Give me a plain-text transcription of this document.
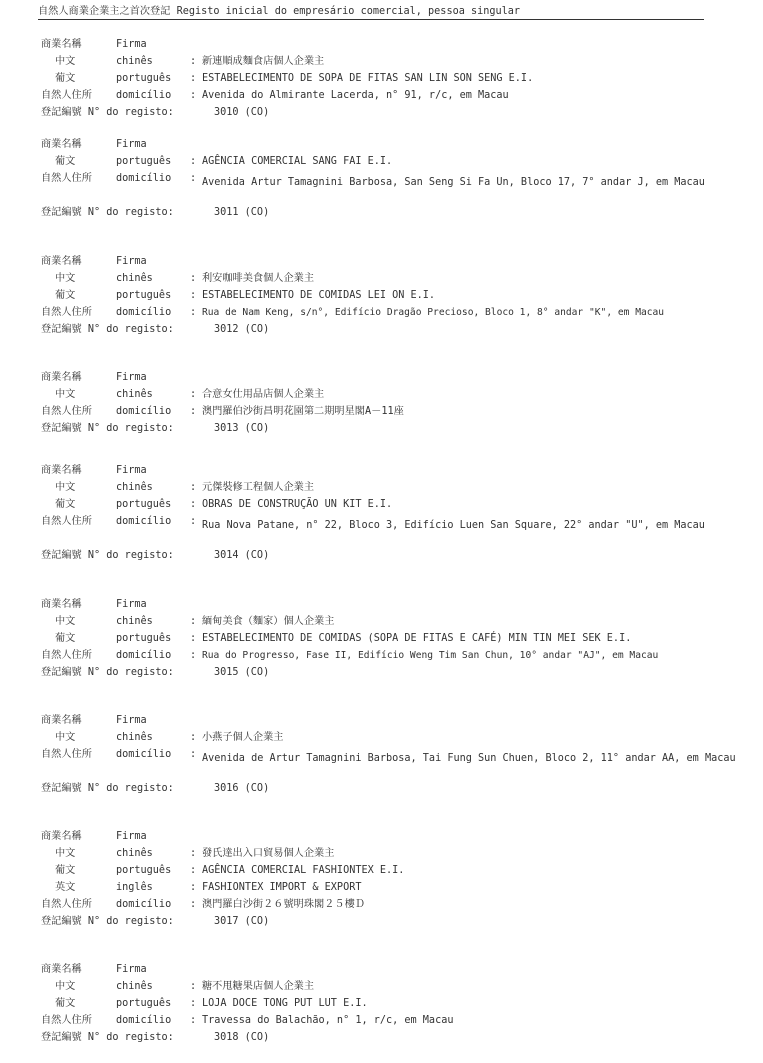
自然人商業企業主之首次登記 Registo inicial do empresário comercial, pessoa singular
商業名稱	Firma
中文	chinês	: 新連順成麵食店個人企業主
葡文	português : ESTABELECIMENTO DE SOPA DE FITAS SAN LIN SON SENG E.I.
自然人住所 domicílio : Avenida do Almirante Lacerda, n° 91, r/c, em Macau
登記編號 N° do registo:	3010 (CO)
商業名稱	Firma
葡文	português : AGÊNCIA COMERCIAL SANG FAI E.I.
自然人住所 domicílio : Avenida Artur Tamagnini Barbosa, San Seng Si Fa Un, Bloco 17, 7° andar J, em Macau
登記編號 N° do registo:	3011 (CO)
商業名稱	Firma
中文	chinês	: 利安咖啡美食個人企業主
葡文	português : ESTABELECIMENTO DE COMIDAS LEI ON E.I.
自然人住所 domicílio : Rua de Nam Keng, s/n°, Edifício Dragão Precioso, Bloco 1, 8° andar "K", em Macau
登記編號 N° do registo:	3012 (CO)
商業名稱	Firma
中文	chinês	: 合意女仕用品店個人企業主
自然人住所 domicílio : 澳門羅伯沙街昌明花園第二期明星閣A－11座
登記編號 N° do registo:	3013 (CO)
商業名稱	Firma
中文	chinês	: 元傑裝修工程個人企業主
葡文	português : OBRAS DE CONSTRUÇÃO UN KIT E.I.
自然人住所 domicílio : Rua Nova Patane, n° 22, Bloco 3, Edifício Luen San Square, 22° andar "U", em Macau
登記編號 N° do registo:	3014 (CO)
商業名稱	Firma
中文	chinês	: 緬甸美食（麵家）個人企業主
葡文	português : ESTABELECIMENTO DE COMIDAS (SOPA DE FITAS E CAFÉ) MIN TIN MEI SEK E.I.
自然人住所 domicílio : Rua do Progresso, Fase II, Edifício Weng Tim San Chun, 10° andar "AJ", em Macau
登記編號 N° do registo:	3015 (CO)
商業名稱	Firma
中文	chinês	: 小燕子個人企業主
自然人住所 domicílio : Avenida de Artur Tamagnini Barbosa, Tai Fung Sun Chuen, Bloco 2, 11° andar AA, em Macau
登記編號 N° do registo:	3016 (CO)
商業名稱	Firma
中文	chinês	: 發氏達出入口貿易個人企業主
葡文	português : AGÊNCIA COMERCIAL FASHIONTEX E.I.
英文	inglês	: FASHIONTEX IMPORT & EXPORT
自然人住所 domicílio : 澳門羅白沙街２６號明珠閣２５樓Ｄ
登記編號 N° do registo:	3017 (CO)
商業名稱	Firma
中文	chinês	: 糖不甩糖果店個人企業主
葡文	português : LOJA DOCE TONG PUT LUT E.I.
自然人住所 domicílio : Travessa do Balachão, n° 1, r/c, em Macau
登記編號 N° do registo:	3018 (CO)
